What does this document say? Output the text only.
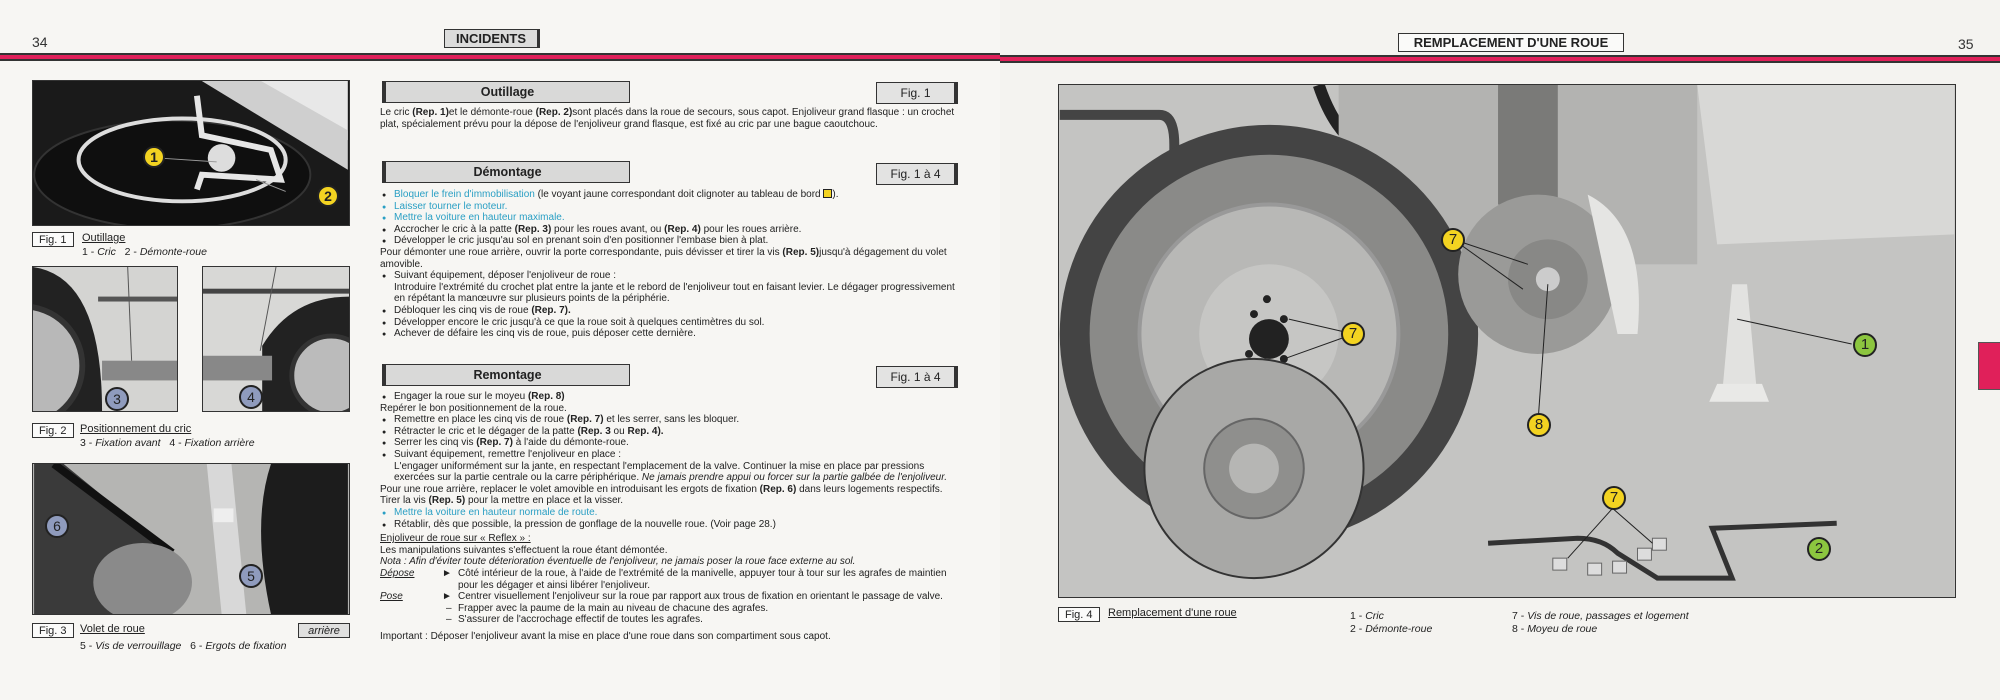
34	INCIDENTS
1
2
Fig. 1	Outillage
1 - Cric 2 - Démonte-roue
3	4
Fig. 2	Positionnement du cric
3 - Fixation avant 4 - Fixation arrière
6
5
Fig. 3	Volet de roue	arrière
5 - Vis de verrouillage 6 - Ergots de fixation
Outillage	Fig. 1

Le cric (Rep. 1)et le démonte-roue (Rep. 2)sont placés dans la roue de secours, sous capot. Enjoliveur grand flasque : un crochet plat, spécialement prévu pour la dépose de l'enjoliveur grand flasque, est fixé au cric par une bague caoutchouc.

Démontage	Fig. 1 à 4

● Bloquer le frein d'immobilisation (le voyant jaune correspondant doit clignoter au tableau de bord ).

● Laisser tourner le moteur.

● Mettre la voiture en hauteur maximale.

● Accrocher le cric à la patte (Rep. 3) pour les roues avant, ou (Rep. 4) pour les roues arrière.

● Développer le cric jusqu'au sol en prenant soin d'en positionner l'embase bien à plat.

Pour démonter une roue arrière, ouvrir la porte correspondante, puis dévisser et tirer la vis (Rep. 5)jusqu'à dégagement du volet amovible.

● Suivant équipement, déposer l'enjoliveur de roue :

Introduire l'extrémité du crochet plat entre la jante et le rebord de l'enjoliveur tout en faisant levier. Le dégager progressivement en répétant la manœuvre sur plusieurs points de la périphérie.

● Débloquer les cinq vis de roue (Rep. 7).

● Développer encore le cric jusqu'à ce que la roue soit à quelques centimètres du sol.

● Achever de défaire les cinq vis de roue, puis déposer cette dernière.

Remontage	Fig. 1 à 4

● Engager la roue sur le moyeu (Rep. 8)

Repérer le bon positionnement de la roue.

● Remettre en place les cinq vis de roue (Rep. 7) et les serrer, sans les bloquer.

● Rétracter le cric et le dégager de la patte (Rep. 3 ou Rep. 4).

● Serrer les cinq vis (Rep. 7) à l'aide du démonte-roue.

● Suivant équipement, remettre l'enjoliveur en place :

L'engager uniformément sur la jante, en respectant l'emplacement de la valve. Continuer la mise en place par pressions exercées sur la partie centrale ou la carre périphérique. Ne jamais prendre appui ou forcer sur la partie galbée de l'enjoliveur.

Pour une roue arrière, replacer le volet amovible en introduisant les ergots de fixation (Rep. 6) dans leurs logements respectifs. Tirer la vis (Rep. 5) pour la mettre en place et la visser.

● Mettre la voiture en hauteur normale de route.

● Rétablir, dès que possible, la pression de gonflage de la nouvelle roue. (Voir page 28.)

Enjoliveur de roue sur « Reflex » :

Les manipulations suivantes s'effectuent la roue étant démontée.

Nota : Afin d'éviter toute déterioration éventuelle de l'enjoliveur, ne jamais poser la roue face externe au sol.

Dépose	► Côté intérieur de la roue, à l'aide de l'extrémité de la manivelle, appuyer tour à tour sur les agrafes de maintien pour les dégager et ainsi libérer l'enjoliveur.
Pose	► Centrer visuellement l'enjoliveur sur la roue par rapport aux trous de fixation en orientant le passage de valve.

– Frapper avec la paume de la main au niveau de chacune des agrafes.

– S'assurer de l'accrochage effectif de toutes les agrafes.

Important : Déposer l'enjoliveur avant la mise en place d'une roue dans son compartiment sous capot.

REMPLACEMENT D'UNE ROUE	35
7
7
8
1
7
2
Fig. 4	Remplacement d'une roue	1 - Cric
2 - Démonte-roue
7 - Vis de roue, passages et logement
8 - Moyeu de roue
